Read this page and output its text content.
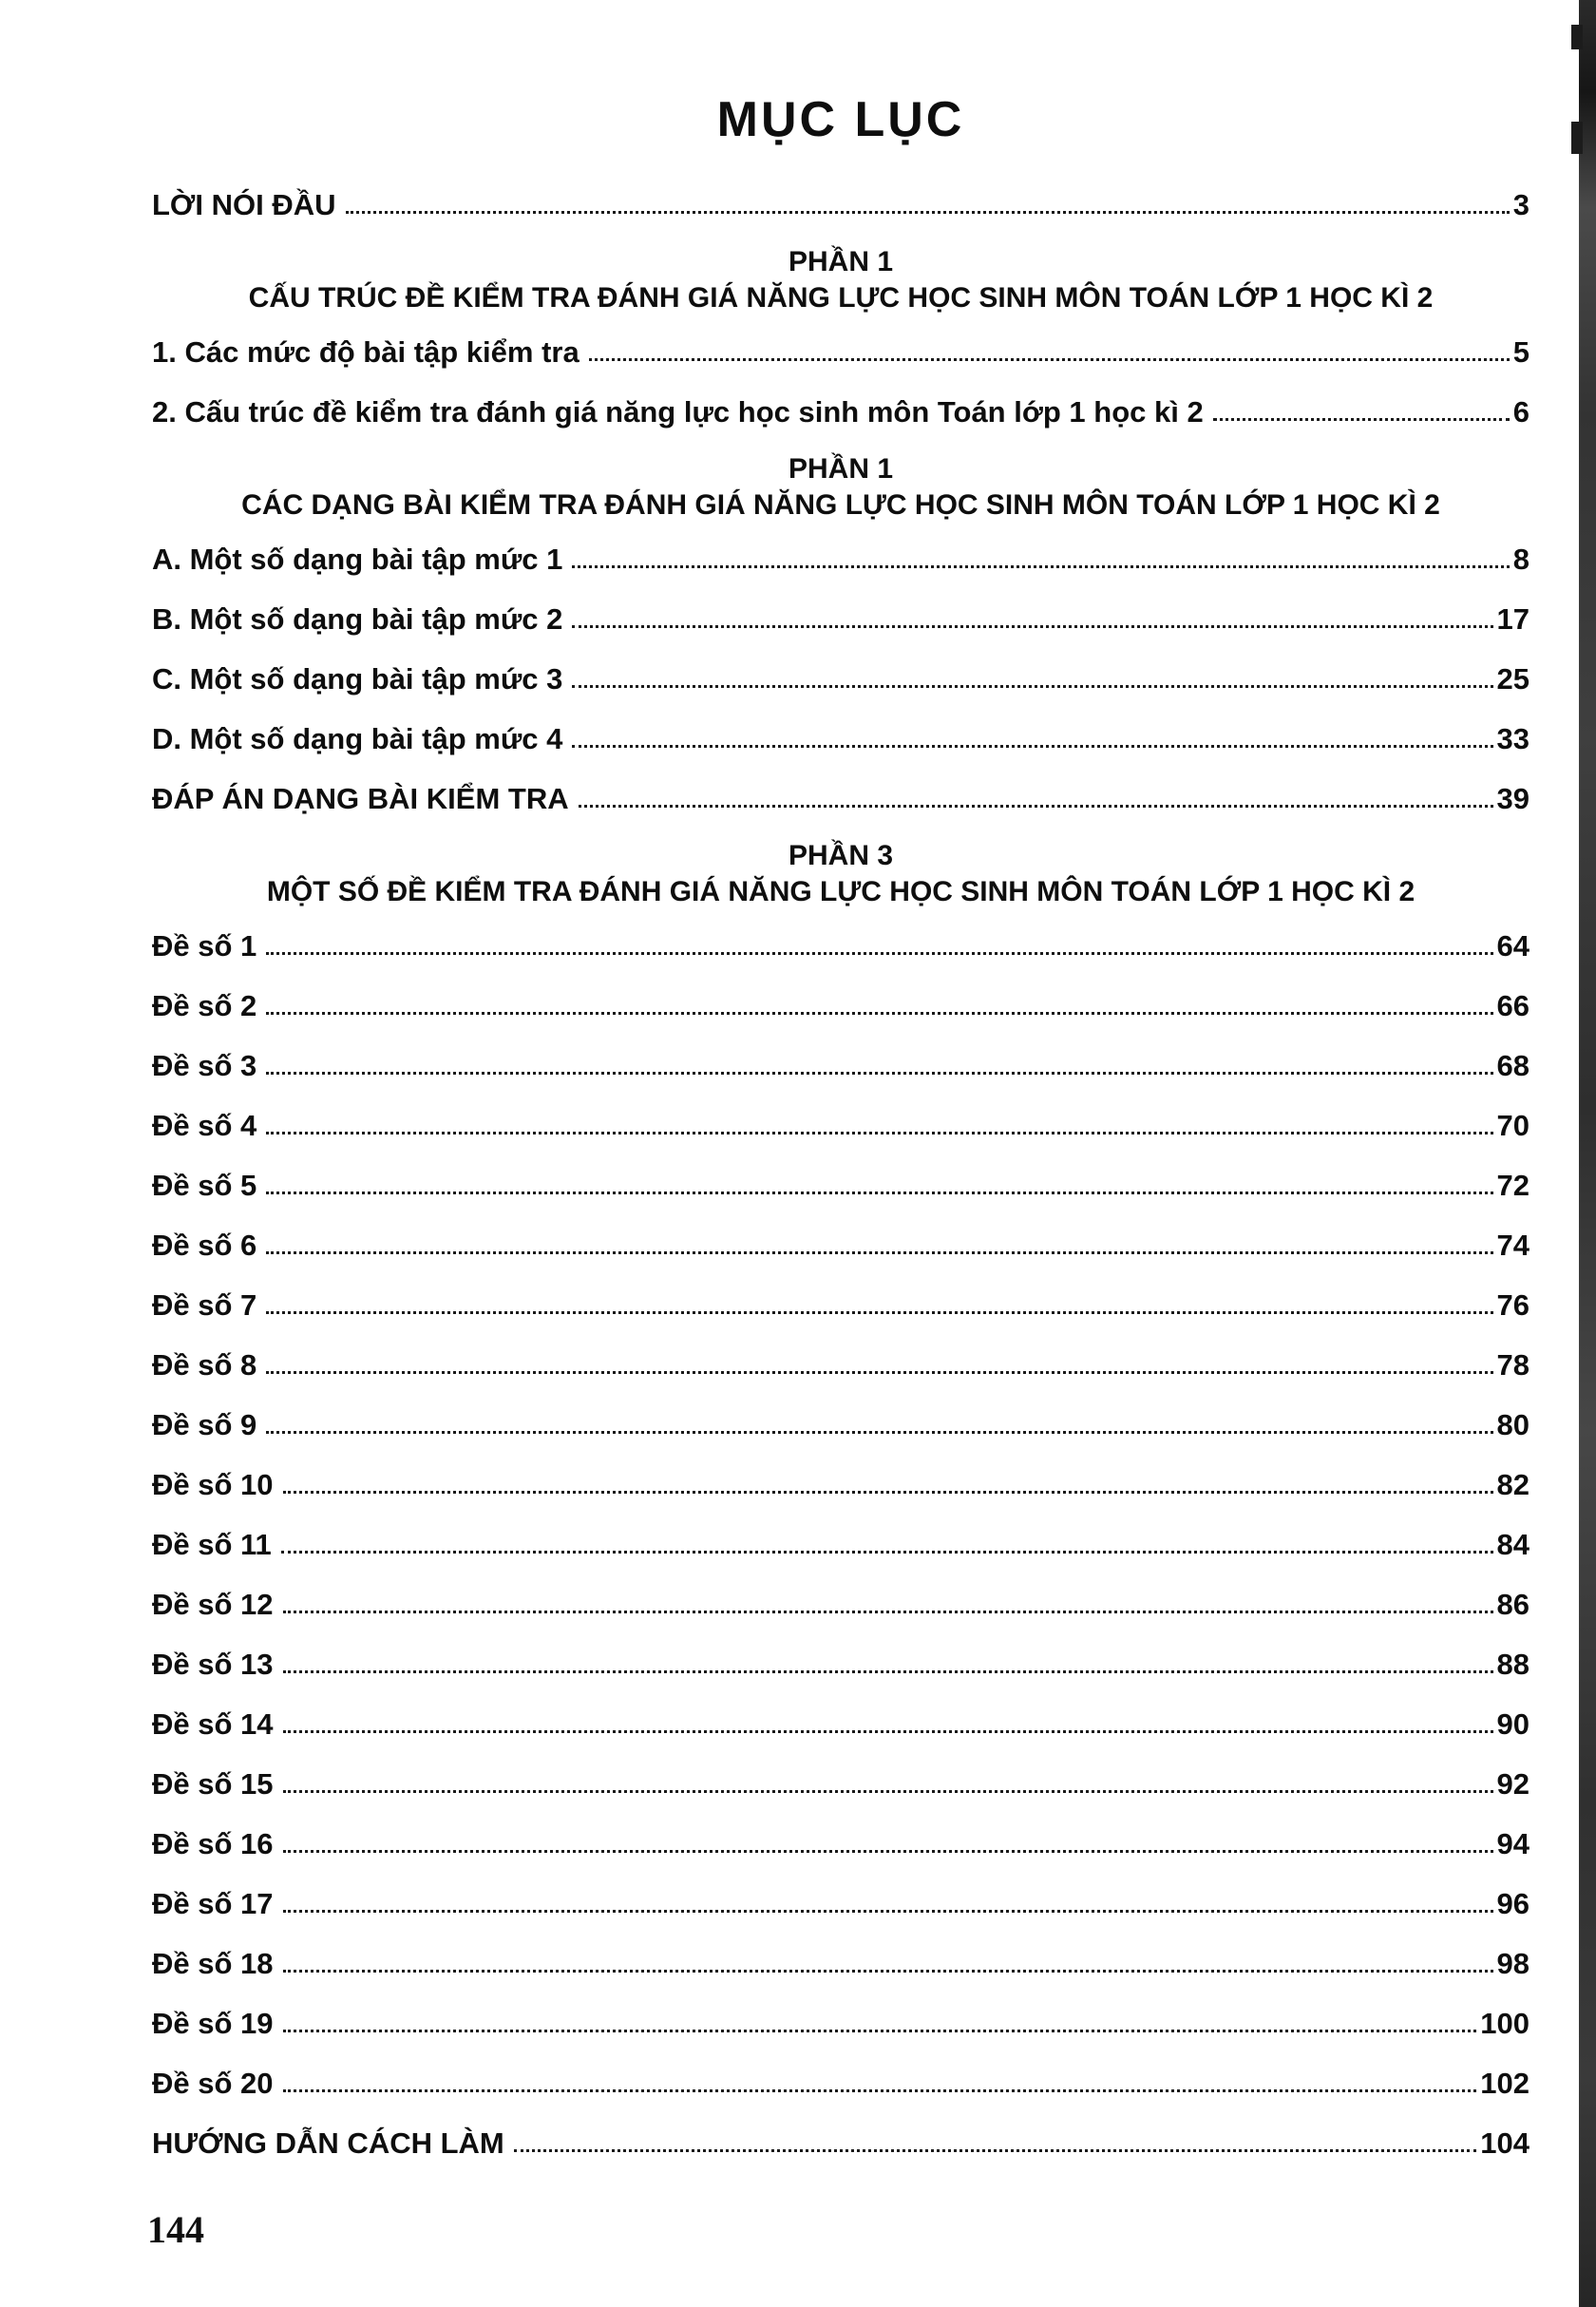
MỤC LỤC
LỜI NÓI ĐẦU	3
PHẦN 1
CẤU TRÚC ĐỀ KIỂM TRA ĐÁNH GIÁ NĂNG LỰC HỌC SINH MÔN TOÁN LỚP 1 HỌC KÌ 2
1. Các mức độ bài tập kiểm tra	5
2. Cấu trúc đề kiểm tra đánh giá năng lực học sinh môn Toán lớp 1 học kì 2	6
PHẦN 1
CÁC DẠNG BÀI KIỂM TRA ĐÁNH GIÁ NĂNG LỰC HỌC SINH MÔN TOÁN LỚP 1 HỌC KÌ 2
A. Một số dạng bài tập mức 1	8
B. Một số dạng bài tập mức 2	17
C. Một số dạng bài tập mức 3	25
D. Một số dạng bài tập mức 4	33
ĐÁP ÁN DẠNG BÀI KIỂM TRA	39
PHẦN 3
MỘT SỐ ĐỀ KIỂM TRA ĐÁNH GIÁ NĂNG LỰC HỌC SINH MÔN TOÁN LỚP 1 HỌC KÌ 2
Đề số 1	64
Đề số 2	66
Đề số 3	68
Đề số 4	70
Đề số 5	72
Đề số 6	74
Đề số 7	76
Đề số 8	78
Đề số 9	80
Đề số 10	82
Đề số 11	84
Đề số 12	86
Đề số 13	88
Đề số 14	90
Đề số 15	92
Đề số 16	94
Đề số 17	96
Đề số 18	98
Đề số 19	100
Đề số 20	102
HƯỚNG DẪN CÁCH LÀM	104
144
